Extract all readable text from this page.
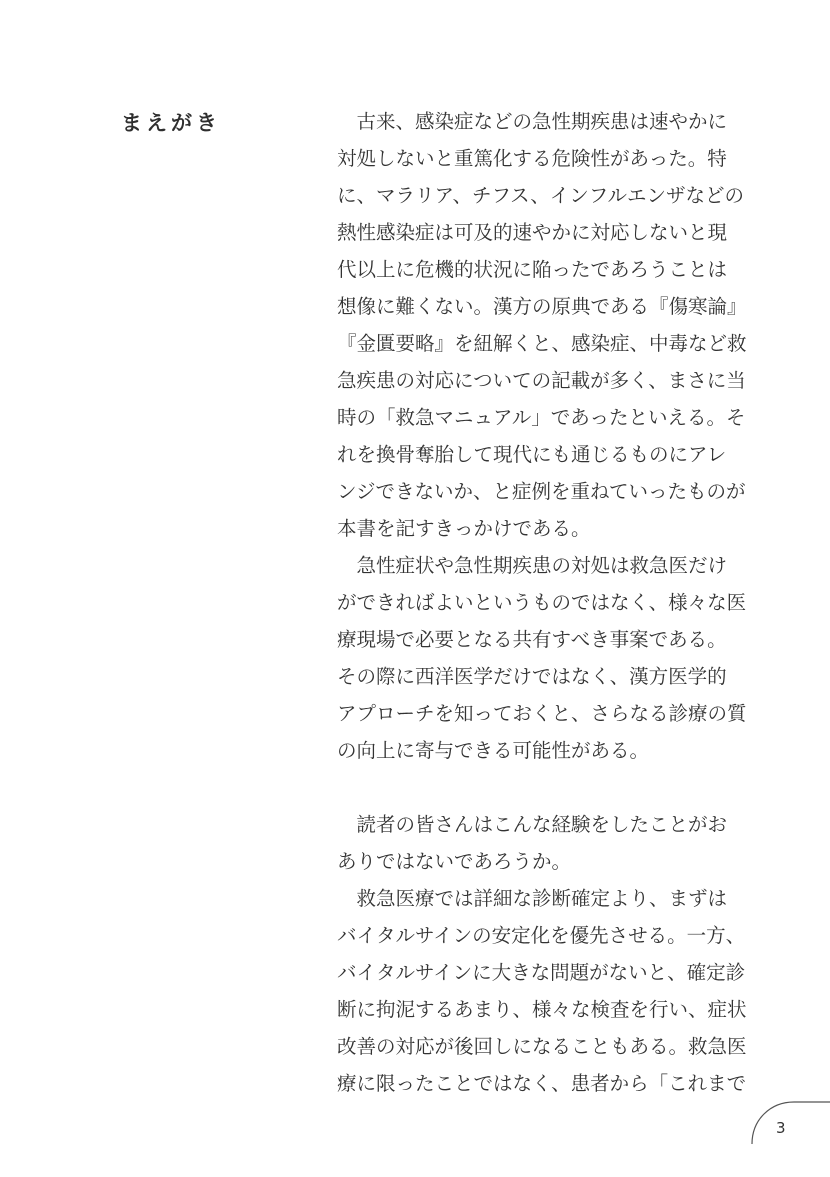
まえがき	　古来、感染症などの急性期疾患は速やかに
対処しないと重篤化する危険性があった。特
に、マラリア、チフス、インフルエンザなどの
熱性感染症は可及的速やかに対応しないと現
代以上に危機的状況に陥ったであろうことは
想像に難くない。漢方の原典である『傷寒論』
『金匱要略』を紐解くと、感染症、中毒など救
急疾患の対応についての記載が多く、まさに当
時の「救急マニュアル」であったといえる。そ
れを換骨奪胎して現代にも通じるものにアレ
ンジできないか、と症例を重ねていったものが
本書を記すきっかけである。
　急性症状や急性期疾患の対処は救急医だけ
ができればよいというものではなく、様々な医
療現場で必要となる共有すべき事案である。
その際に西洋医学だけではなく、漢方医学的
アプローチを知っておくと、さらなる診療の質
の向上に寄与できる可能性がある。
　読者の皆さんはこんな経験をしたことがお
ありではないであろうか。
　救急医療では詳細な診断確定より、まずは
バイタルサインの安定化を優先させる。一方、
バイタルサインに大きな問題がないと、確定診
断に拘泥するあまり、様々な検査を行い、症状
改善の対応が後回しになることもある。救急医
療に限ったことではなく、患者から「これまで
3
